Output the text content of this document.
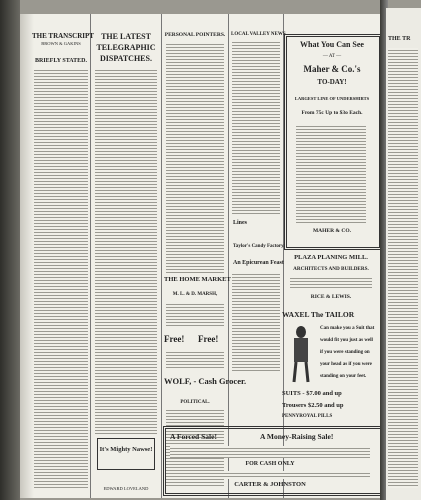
THE TRANSCRIPT
BROWN & GAKINS
BRIEFLY STATED.
THE LATEST
TELEGRAPHIC
DISPATCHES.
It's Mighty Nawse!
EDWARD LOVELAND
PERSONAL POINTERS.
THE HOME MARKET
M. L. & D. MARSH,
Free!	Free!
WOLF, - Cash Grocer.
POLITICAL.
LOCAL VALLEY NEWS.
Lines
Taylor's Candy Factory.
An Epicurean Feast
What You Can See
— AT —
Maher & Co.'s
TO-DAY!
LARGEST LINE OF UNDERSHIRTS
From 75c Up to $3o Each.
MAHER & CO.
PLAZA PLANING MILL.
ARCHITECTS AND BUILDERS.
RICE & LEWIS.
WAXEL The TAILOR
Can make you a Suit that
would fit you just as well
if you were standing on
your head as if you were
standing on your feet.
SUITS - $7.00 and up
Trousers $2.50 and up
PENNYROYAL PILLS
A Forced Sale!	A Money-Raising Sale!
FOR CASH ONLY
CARTER & JOHNSTON
THE TR
